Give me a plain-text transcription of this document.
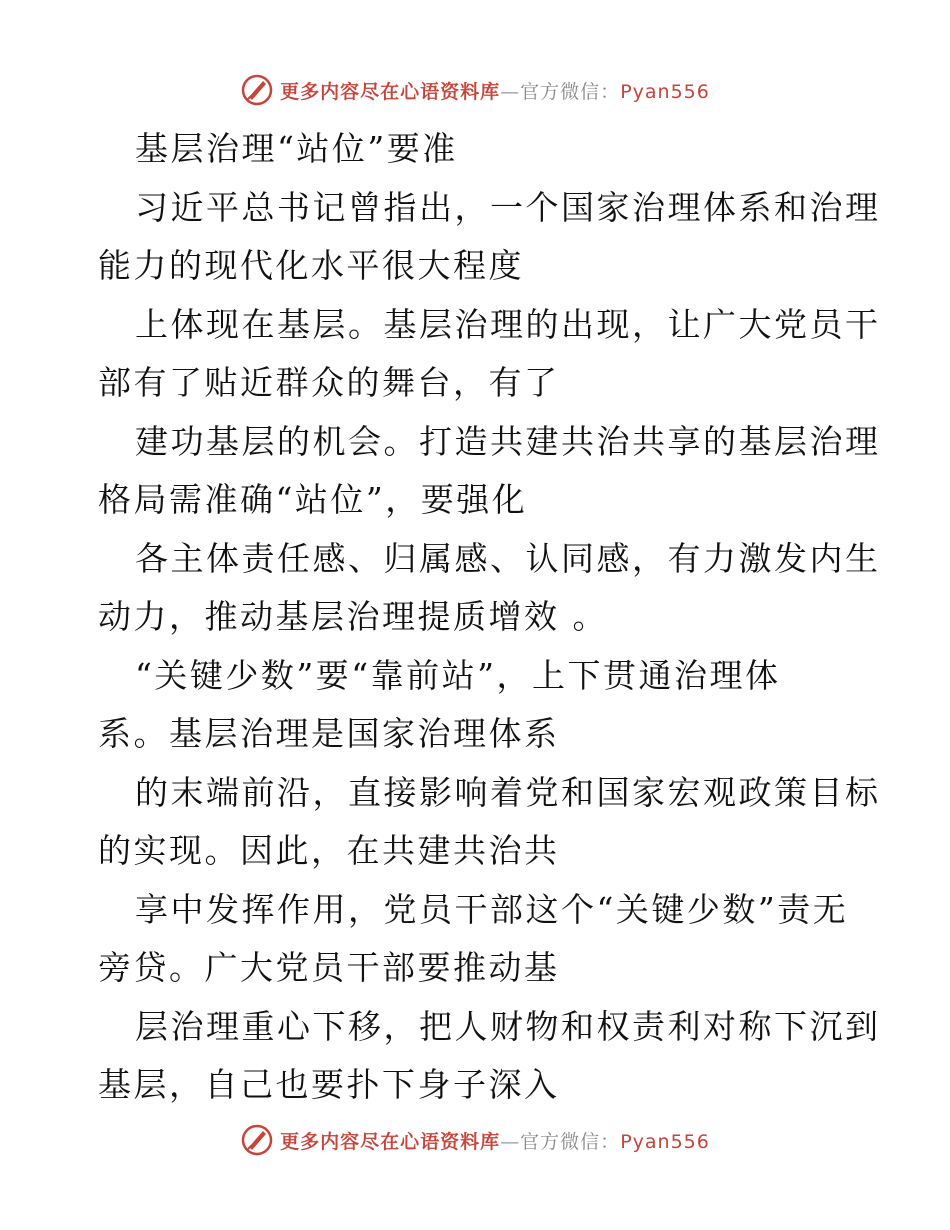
更多内容尽在心语资料库—官方微信：Pyan556
基层治理“站位”要准
习近平总书记曾指出，一个国家治理体系和治理
能力的现代化水平很大程度
上体现在基层。基层治理的出现，让广大党员干
部有了贴近群众的舞台，有了
建功基层的机会。打造共建共治共享的基层治理
格局需准确“站位”，要强化
各主体责任感、归属感、认同感，有力激发内生
动力，推动基层治理提质增效 。
“关键少数”要“靠前站”，上下贯通治理体
系。基层治理是国家治理体系
的末端前沿，直接影响着党和国家宏观政策目标
的实现。因此，在共建共治共
享中发挥作用，党员干部这个“关键少数”责无
旁贷。广大党员干部要推动基
层治理重心下移，把人财物和权责利对称下沉到
基层，自己也要扑下身子深入
更多内容尽在心语资料库—官方微信：Pyan556
